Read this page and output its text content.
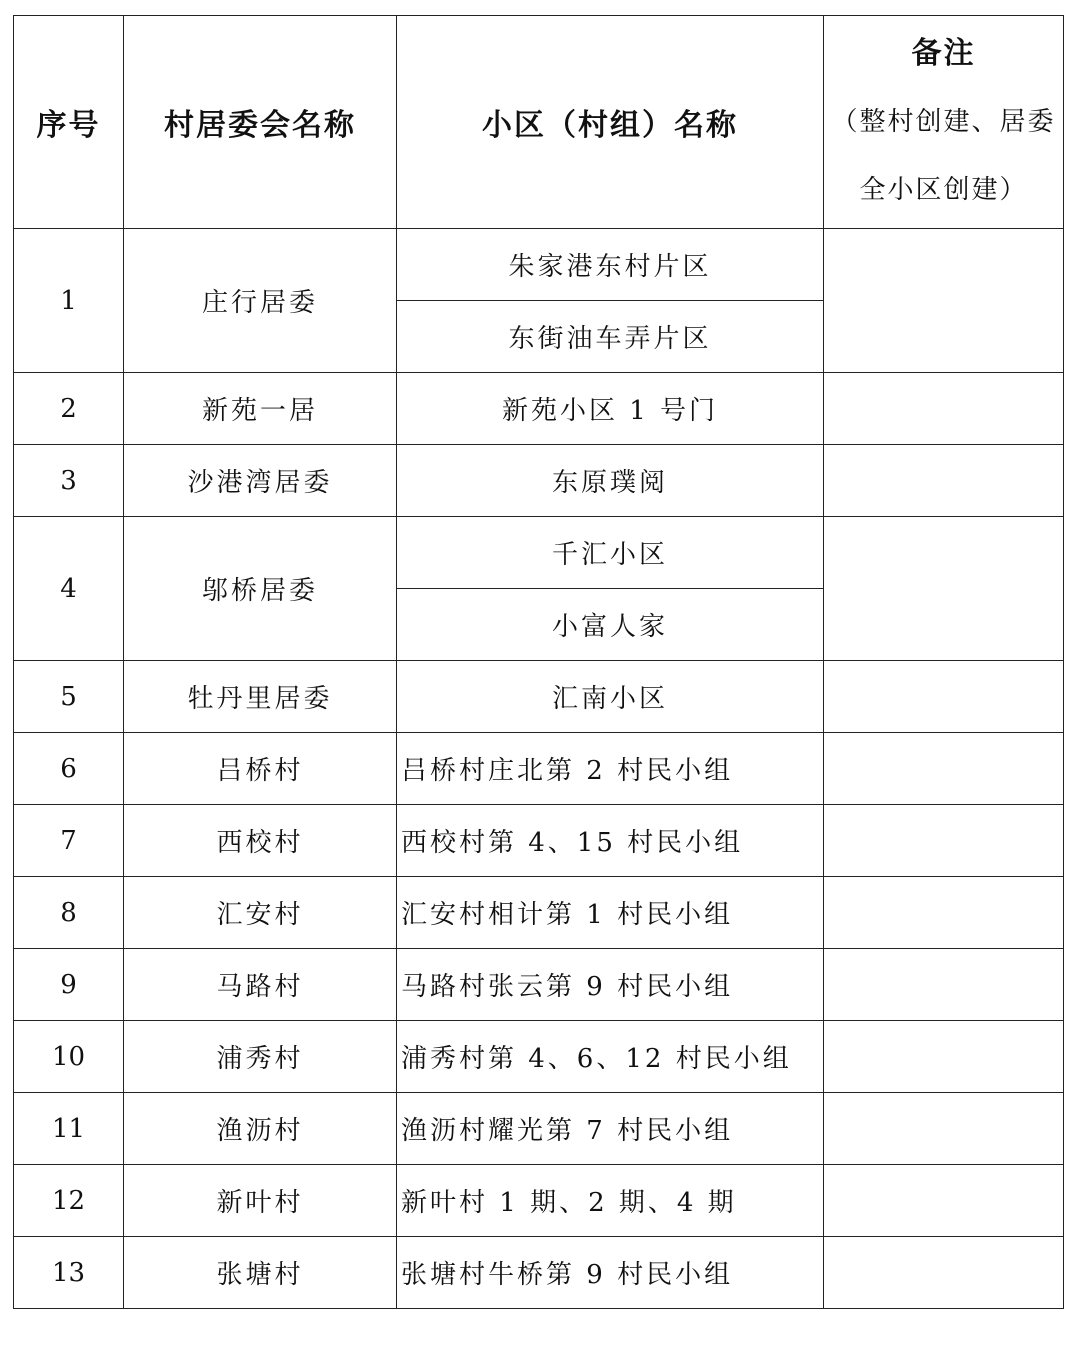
序号	村居委会名称	小区（村组）名称	备注
（整村创建、居委全小区创建）

1	庄行居委	朱家港东村片区	
		东街油车弄片区	
2	新苑一居	新苑小区 1 号门	
3	沙港湾居委	东原璞阅	
4	邬桥居委	千汇小区	
		小富人家	
5	牡丹里居委	汇南小区	
6	吕桥村	吕桥村庄北第 2 村民小组	
7	西校村	西校村第 4、15 村民小组	
8	汇安村	汇安村相计第 1 村民小组	
9	马路村	马路村张云第 9 村民小组	
10	浦秀村	浦秀村第 4、6、12 村民小组	
11	渔沥村	渔沥村耀光第 7 村民小组	
12	新叶村	新叶村 1 期、2 期、4 期	
13	张塘村	张塘村牛桥第 9 村民小组	
